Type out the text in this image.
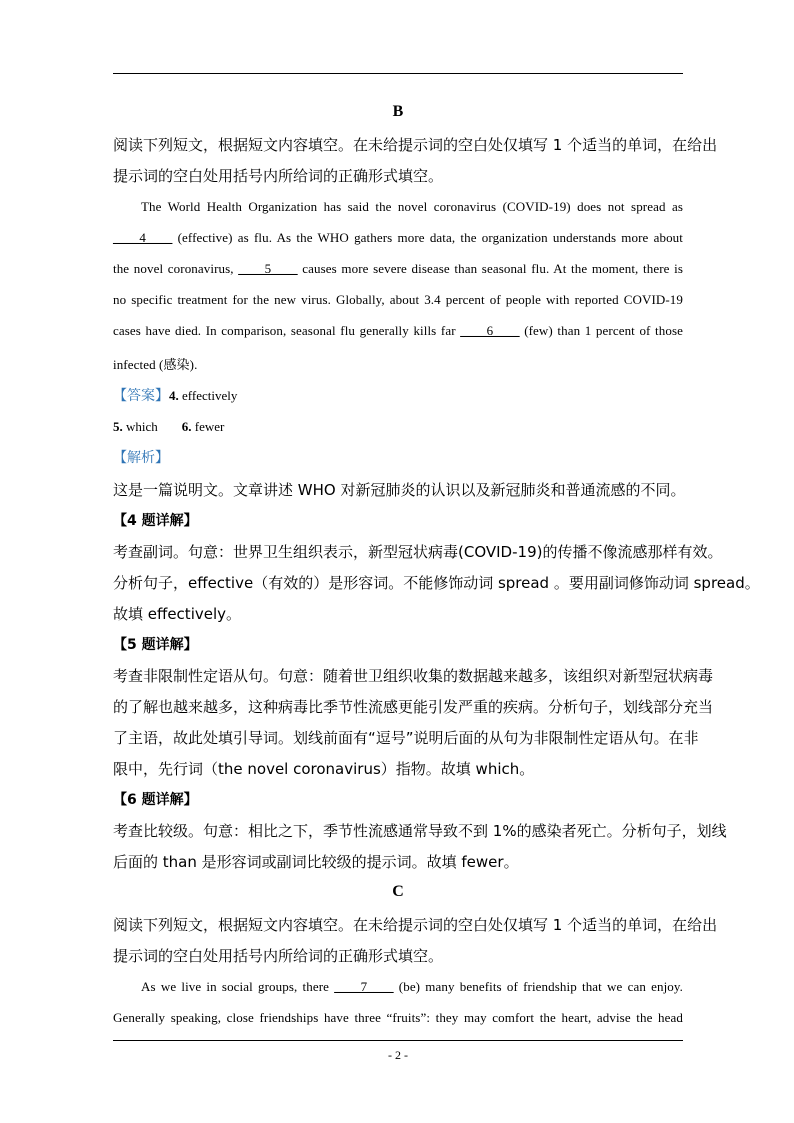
B
阅读下列短文，根据短文内容填空。在未给提示词的空白处仅填写 1 个适当的单词，在给出
提示词的空白处用括号内所给词的正确形式填空。
The World Health Organization has said the novel coronavirus (COVID-19) does not spread as
____4____ (effective) as flu. As the WHO gathers more data, the organization understands more about
the novel coronavirus, ____5____ causes more severe disease than seasonal flu. At the moment, there is
no specific treatment for the new virus. Globally, about 3.4 percent of people with reported COVID-19
cases have died. In comparison, seasonal flu generally kills far ____6____ (few) than 1 percent of those
infected (感染).
【答案】4. effectively
5. which 6. fewer
【解析】
这是一篇说明文。文章讲述 WHO 对新冠肺炎的认识以及新冠肺炎和普通流感的不同。
【4 题详解】
考查副词。句意：世界卫生组织表示，新型冠状病毒(COVID-19)的传播不像流感那样有效。
分析句子，effective（有效的）是形容词。不能修饰动词 spread 。要用副词修饰动词 spread。
故填 effectively。
【5 题详解】
考查非限制性定语从句。句意：随着世卫组织收集的数据越来越多，该组织对新型冠状病毒
的了解也越来越多，这种病毒比季节性流感更能引发严重的疾病。分析句子，划线部分充当
了主语，故此处填引导词。划线前面有“逗号”说明后面的从句为非限制性定语从句。在非
限中，先行词（the novel coronavirus）指物。故填 which。
【6 题详解】
考查比较级。句意：相比之下，季节性流感通常导致不到 1%的感染者死亡。分析句子，划线
后面的 than 是形容词或副词比较级的提示词。故填 fewer。
C
阅读下列短文，根据短文内容填空。在未给提示词的空白处仅填写 1 个适当的单词，在给出
提示词的空白处用括号内所给词的正确形式填空。
As we live in social groups, there ____7____ (be) many benefits of friendship that we can enjoy.
Generally speaking, close friendships have three “fruits”: they may comfort the heart, advise the head
- 2 -
